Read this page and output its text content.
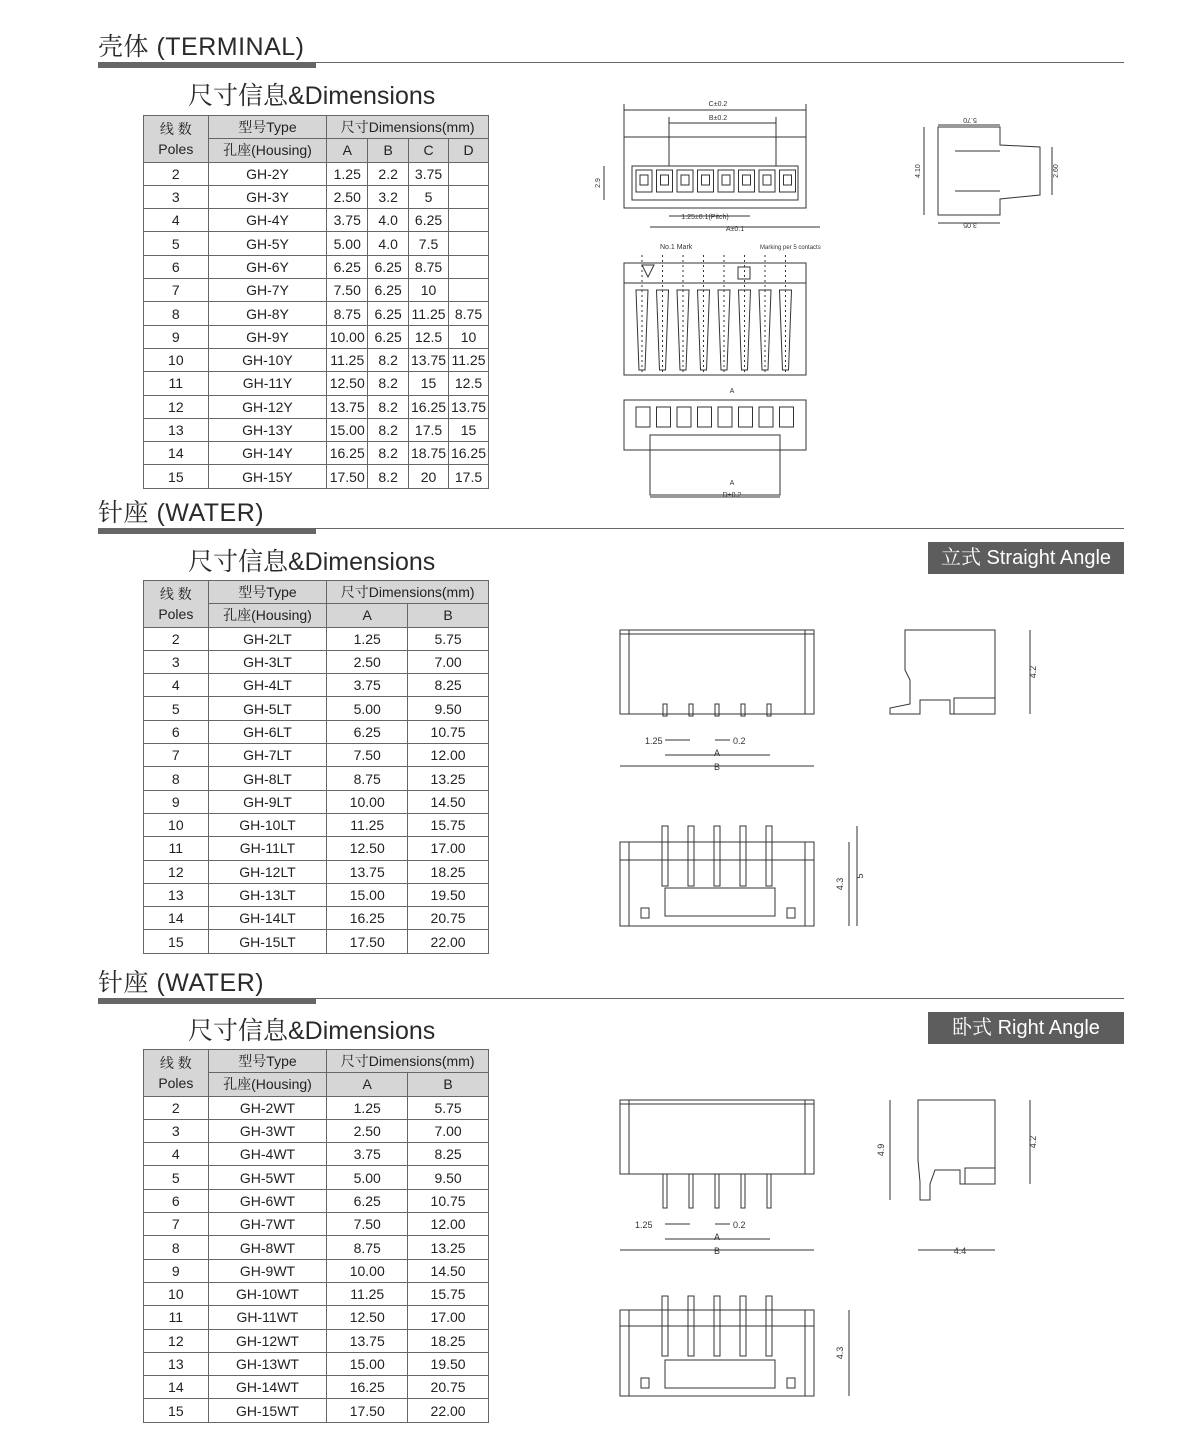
壳体 (TERMINAL)
尺寸信息&Dimensions
线 数
Poles	型号Type	尺寸Dimensions(mm)			
	孔座(Housing)	A	B	C	D
2	GH-2Y	1.25	2.2	3.75	
3	GH-3Y	2.50	3.2	5	
4	GH-4Y	3.75	4.0	6.25	
5	GH-5Y	5.00	4.0	7.5	
6	GH-6Y	6.25	6.25	8.75	
7	GH-7Y	7.50	6.25	10	
8	GH-8Y	8.75	6.25	11.25	8.75
9	GH-9Y	10.00	6.25	12.5	10
10	GH-10Y	11.25	8.2	13.75	11.25
11	GH-11Y	12.50	8.2	15	12.5
12	GH-12Y	13.75	8.2	16.25	13.75
13	GH-13Y	15.00	8.2	17.5	15
14	GH-14Y	16.25	8.2	18.75	16.25
15	GH-15Y	17.50	8.2	20	17.5
C±0.2
B±0.2
2.9
1.25±0.1(Pitch)
A±0.1
No.1 Mark	Marking per 5 contacts
A
A
D±0.2
5.70
4.10	2.60
3.05
针座 (WATER)
尺寸信息&Dimensions	立式 Straight Angle
线 数
Poles	型号Type	尺寸Dimensions(mm)	
	孔座(Housing)	A	B
2	GH-2LT	1.25	5.75
3	GH-3LT	2.50	7.00
4	GH-4LT	3.75	8.25
5	GH-5LT	5.00	9.50
6	GH-6LT	6.25	10.75
7	GH-7LT	7.50	12.00
8	GH-8LT	8.75	13.25
9	GH-9LT	10.00	14.50
10	GH-10LT	11.25	15.75
11	GH-11LT	12.50	17.00
12	GH-12LT	13.75	18.25
13	GH-13LT	15.00	19.50
14	GH-14LT	16.25	20.75
15	GH-15LT	17.50	22.00
1.25	0.2
A
B
4.2
4.3
5
针座 (WATER)
尺寸信息&Dimensions	卧式 Right Angle
线 数
Poles	型号Type	尺寸Dimensions(mm)	
	孔座(Housing)	A	B
2	GH-2WT	1.25	5.75
3	GH-3WT	2.50	7.00
4	GH-4WT	3.75	8.25
5	GH-5WT	5.00	9.50
6	GH-6WT	6.25	10.75
7	GH-7WT	7.50	12.00
8	GH-8WT	8.75	13.25
9	GH-9WT	10.00	14.50
10	GH-10WT	11.25	15.75
11	GH-11WT	12.50	17.00
12	GH-12WT	13.75	18.25
13	GH-13WT	15.00	19.50
14	GH-14WT	16.25	20.75
15	GH-15WT	17.50	22.00
1.25	0.2
A
B
4.9
4.4
4.2
4.3
